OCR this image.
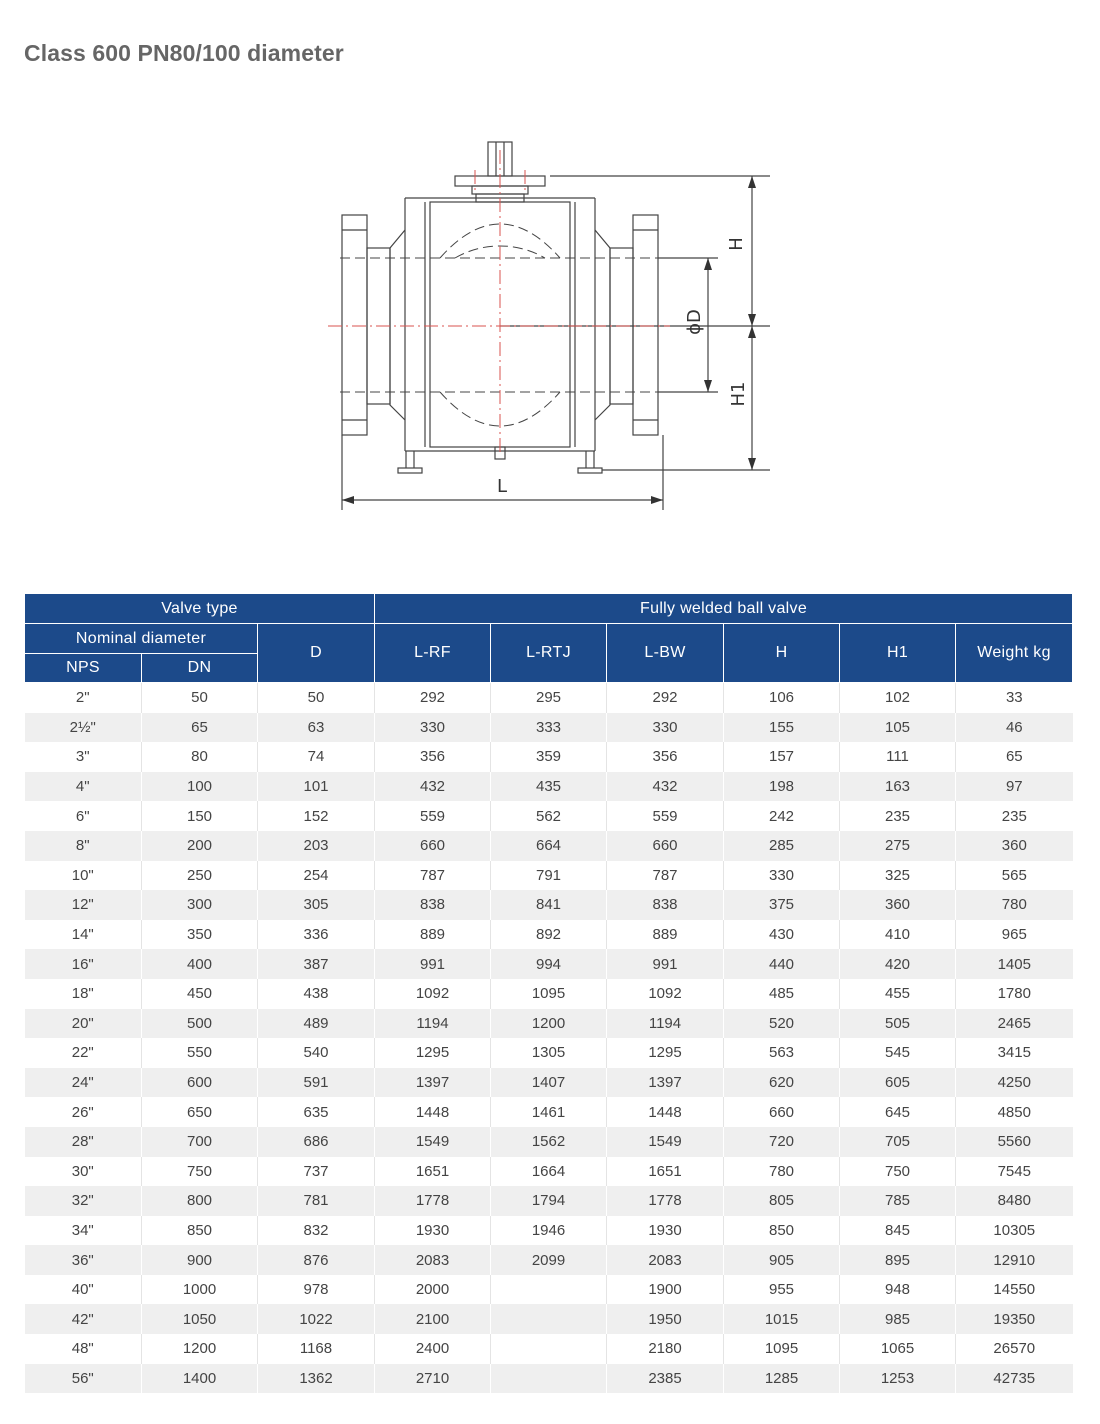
Class 600 PN80/100 diameter
H
H1
ϕD
L
Valve type			Fully welded ball valve					
Nominal diameter		D	L-RF	L-RTJ	L-BW	H	H1	Weight kg
NPS	DN							
2"	50	50	292	295	292	106	102	33
2½"	65	63	330	333	330	155	105	46
3"	80	74	356	359	356	157	111	65
4"	100	101	432	435	432	198	163	97
6"	150	152	559	562	559	242	235	235
8"	200	203	660	664	660	285	275	360
10"	250	254	787	791	787	330	325	565
12"	300	305	838	841	838	375	360	780
14"	350	336	889	892	889	430	410	965
16"	400	387	991	994	991	440	420	1405
18"	450	438	1092	1095	1092	485	455	1780
20"	500	489	1194	1200	1194	520	505	2465
22"	550	540	1295	1305	1295	563	545	3415
24"	600	591	1397	1407	1397	620	605	4250
26"	650	635	1448	1461	1448	660	645	4850
28"	700	686	1549	1562	1549	720	705	5560
30"	750	737	1651	1664	1651	780	750	7545
32"	800	781	1778	1794	1778	805	785	8480
34"	850	832	1930	1946	1930	850	845	10305
36"	900	876	2083	2099	2083	905	895	12910
40"	1000	978	2000		1900	955	948	14550
42"	1050	1022	2100		1950	1015	985	19350
48"	1200	1168	2400		2180	1095	1065	26570
56"	1400	1362	2710		2385	1285	1253	42735
